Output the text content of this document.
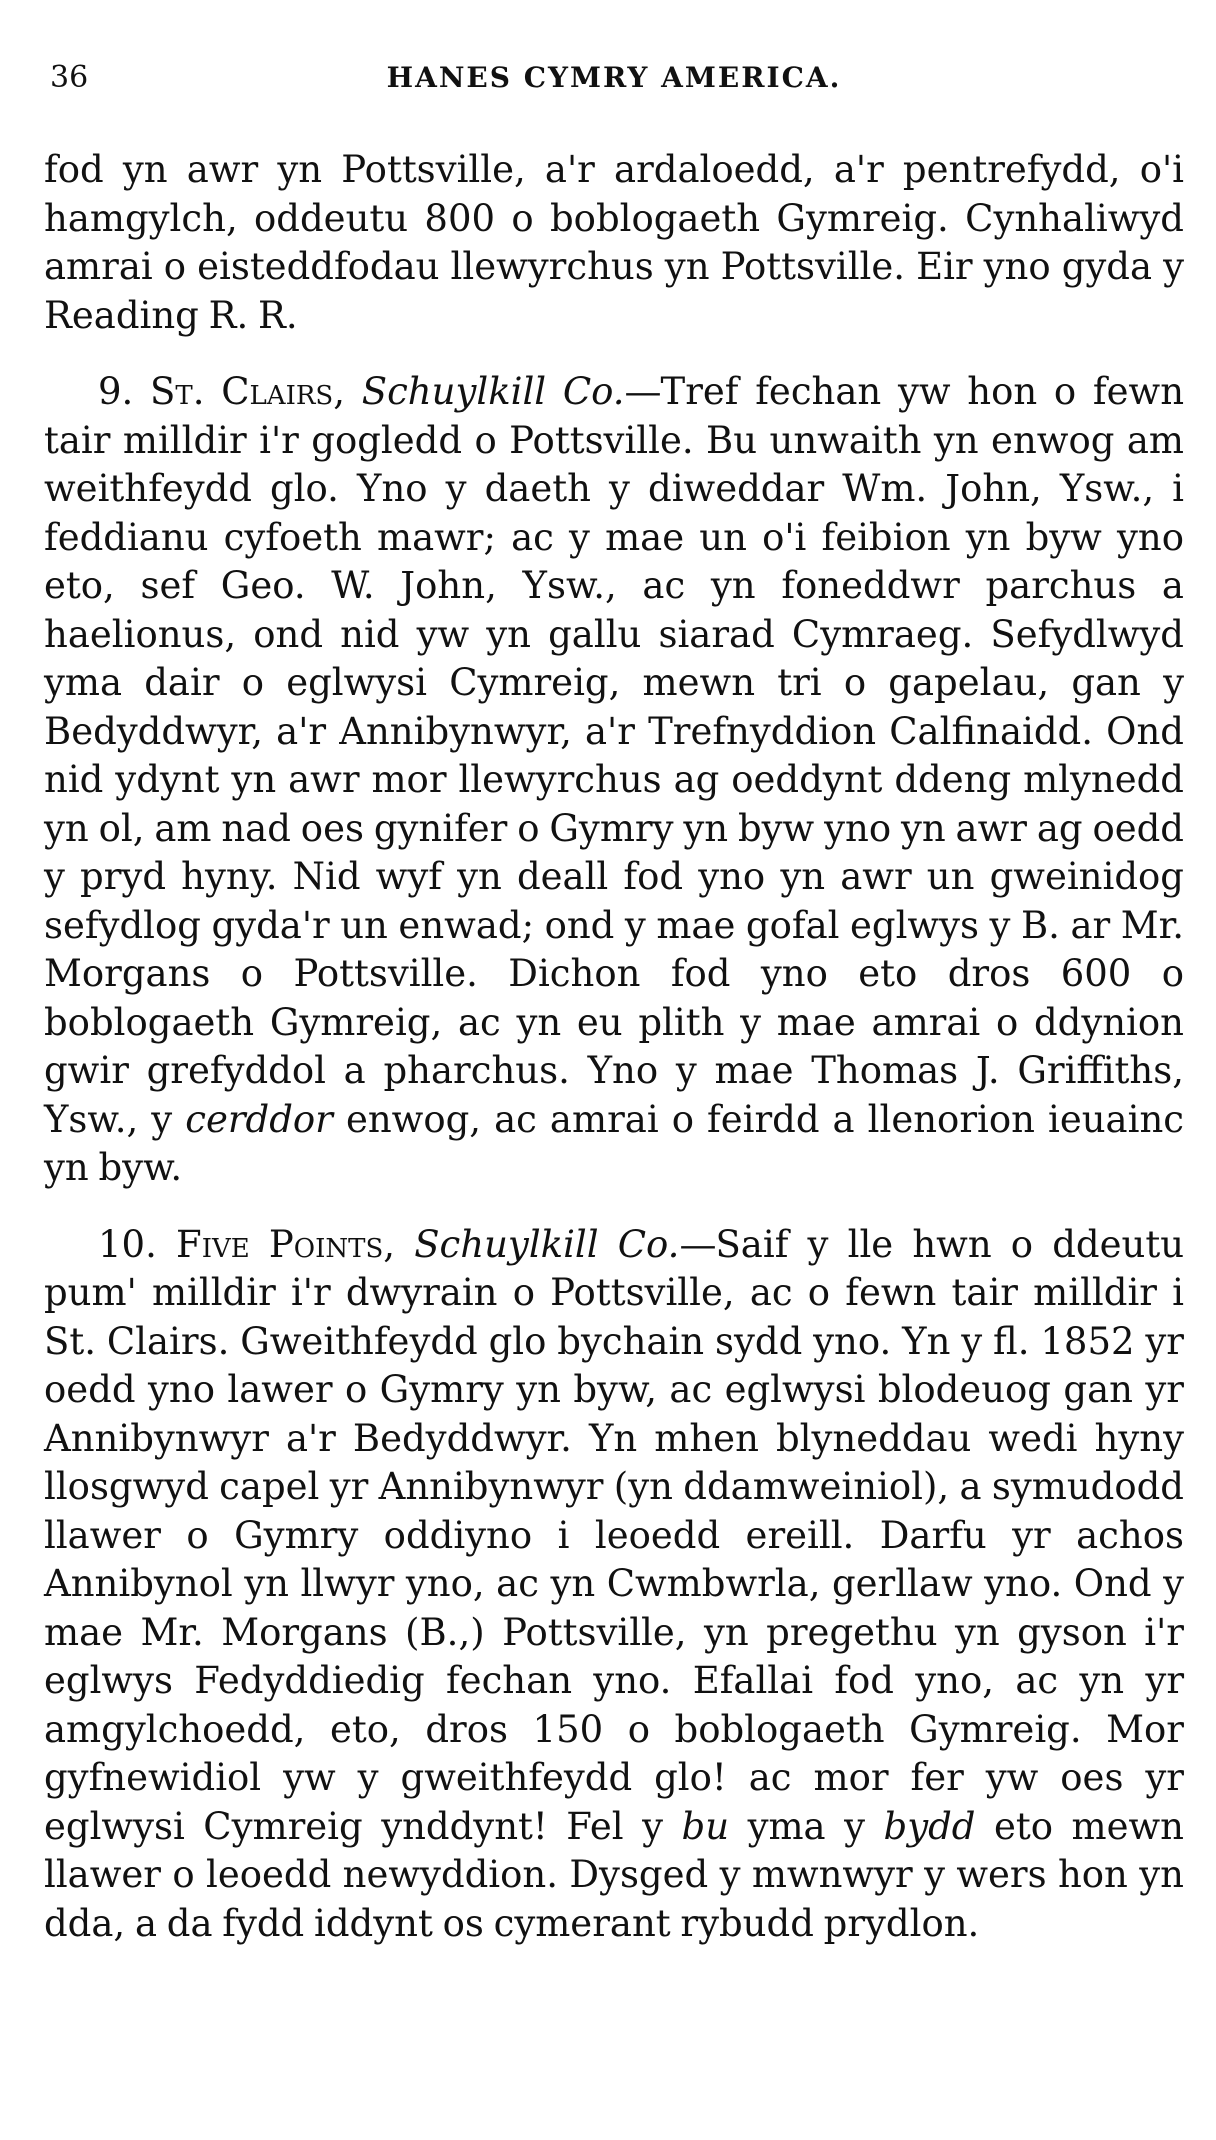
36	HANES CYMRY AMERICA.

fod yn awr yn Pottsville, a'r ardaloedd, a'r pentrefydd, o'i hamgylch, oddeutu 800 o boblogaeth Gymreig. Cynhaliwyd amrai o eisteddfodau llewyrchus yn Pottsville. Eir yno gyda y Reading R. R.

9. St. Clairs, Schuylkill Co.—Tref fechan yw hon o fewn tair milldir i'r gogledd o Pottsville. Bu unwaith yn enwog am weithfeydd glo. Yno y daeth y diweddar Wm. John, Ysw., i feddianu cyfoeth mawr; ac y mae un o'i feibion yn byw yno eto, sef Geo. W. John, Ysw., ac yn foneddwr parchus a haelionus, ond nid yw yn gallu siarad Cymraeg. Sefydlwyd yma dair o eglwysi Cymreig, mewn tri o gapelau, gan y Bedyddwyr, a'r Annibynwyr, a'r Trefnyddion Calfinaidd. Ond nid ydynt yn awr mor llewyrchus ag oeddynt ddeng mlynedd yn ol, am nad oes gynifer o Gymry yn byw yno yn awr ag oedd y pryd hyny. Nid wyf yn deall fod yno yn awr un gweinidog sefydlog gyda'r un enwad; ond y mae gofal eglwys y B. ar Mr. Morgans o Pottsville. Dichon fod yno eto dros 600 o boblogaeth Gymreig, ac yn eu plith y mae amrai o ddynion gwir grefyddol a pharchus. Yno y mae Thomas J. Griffiths, Ysw., y cerddor enwog, ac amrai o feirdd a llenorion ieuainc yn byw.

10. Five Points, Schuylkill Co.—Saif y lle hwn o ddeutu pum' milldir i'r dwyrain o Pottsville, ac o fewn tair milldir i St. Clairs. Gweithfeydd glo bychain sydd yno. Yn y fl. 1852 yr oedd yno lawer o Gymry yn byw, ac eglwysi blodeuog gan yr Annibynwyr a'r Bedyddwyr. Yn mhen blyneddau wedi hyny llosgwyd capel yr Annibynwyr (yn ddamweiniol), a symudodd llawer o Gymry oddiyno i leoedd ereill. Darfu yr achos Annibynol yn llwyr yno, ac yn Cwmbwrla, gerllaw yno. Ond y mae Mr. Morgans (B.,) Pottsville, yn pregethu yn gyson i'r eglwys Fedyddiedig fechan yno. Efallai fod yno, ac yn yr amgylchoedd, eto, dros 150 o boblogaeth Gymreig. Mor gyfnewidiol yw y gweithfeydd glo! ac mor fer yw oes yr eglwysi Cymreig ynddynt! Fel y bu yma y bydd eto mewn llawer o leoedd newyddion. Dysged y mwnwyr y wers hon yn dda, a da fydd iddynt os cymerant rybudd prydlon.
